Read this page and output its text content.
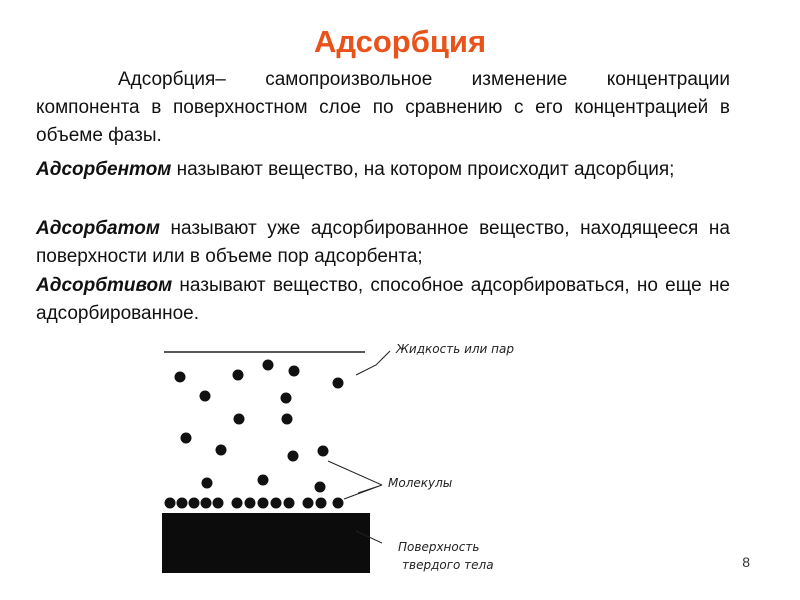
Адсорбция

Адсорбция– самопроизвольное изменение концентрации компонента в поверхностном слое по сравнению с его концентрацией в объеме фазы.

Адсорбентом называют вещество, на котором происходит адсорбция;

Адсорбатом называют уже адсорбированное вещество, находящееся на поверхности или в объеме пор адсорбента;

Адсорбтивом называют вещество, способное адсорбироваться, но еще не адсорбированное.

Жидкость или пар
Молекулы
Поверхность
твердого тела	8
